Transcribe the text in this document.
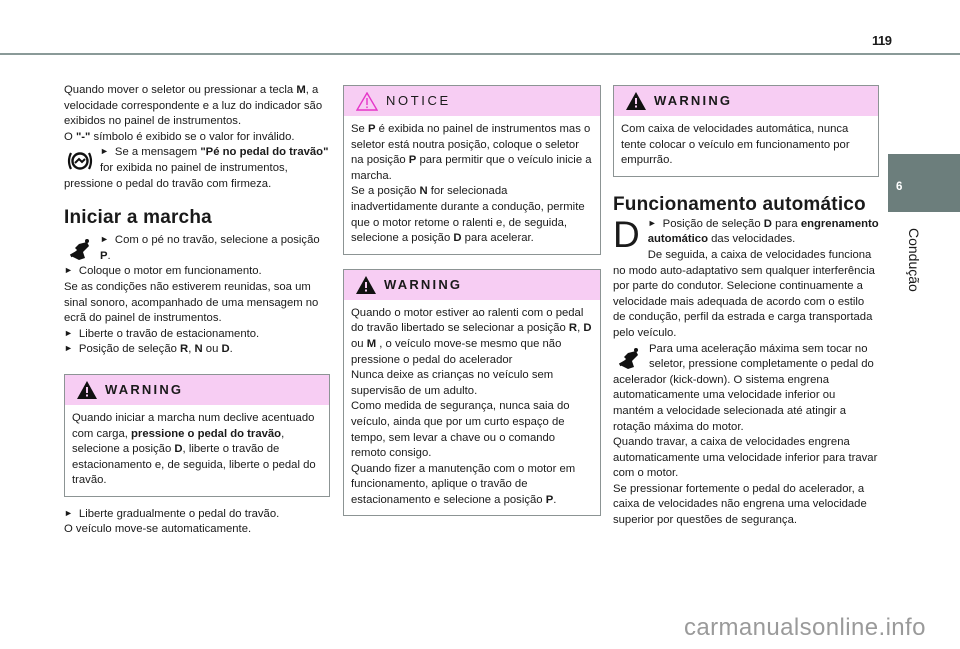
119

Quando mover o seletor ou pressionar a tecla M, a velocidade correspondente e a luz do indicador são exibidos no painel de instrumentos.

O "-" símbolo é exibido se o valor for inválido.

► Se a mensagem "Pé no pedal do travão" for exibida no painel de instrumentos, pressione o pedal do travão com firmeza.

Iniciar a marcha

► Com o pé no travão, selecione a posição P.

► Coloque o motor em funcionamento.

Se as condições não estiverem reunidas, soa um sinal sonoro, acompanhado de uma mensagem no ecrã do painel de instrumentos.

► Liberte o travão de estacionamento.

► Posição de seleção R, N ou D.

WARNING

Quando iniciar a marcha num declive acentuado com carga, pressione o pedal do travão, selecione a posição D, liberte o travão de estacionamento e, de seguida, liberte o pedal do travão.

► Liberte gradualmente o pedal do travão.

O veículo move-se automaticamente.

NOTICE

Se P é exibida no painel de instrumentos mas o seletor está noutra posição, coloque o seletor na posição P para permitir que o veículo inicie a marcha.

Se a posição N for selecionada inadvertidamente durante a condução, permite que o motor retome o ralenti e, de seguida, selecione a posição D para acelerar.

WARNING

Quando o motor estiver ao ralenti com o pedal do travão libertado se selecionar a posição R, D ou M , o veículo move-se mesmo que não pressione o pedal do acelerador

Nunca deixe as crianças no veículo sem supervisão de um adulto.

Como medida de segurança, nunca saia do veículo, ainda que por um curto espaço de tempo, sem levar a chave ou o comando remoto consigo.

Quando fizer a manutenção com o motor em funcionamento, aplique o travão de estacionamento e selecione a posição P.

WARNING

Com caixa de velocidades automática, nunca tente colocar o veículo em funcionamento por empurrão.

Funcionamento automático

D ► Posição de seleção D para engrenamento automático das velocidades.

De seguida, a caixa de velocidades funciona no modo auto-adaptativo sem qualquer interferência por parte do condutor. Selecione continuamente a velocidade mais adequada de acordo com o estilo de condução, perfil da estrada e carga transportada pelo veículo.

Para uma aceleração máxima sem tocar no seletor, pressione completamente o pedal do acelerador (kick-down). O sistema engrena automaticamente uma velocidade inferior ou mantém a velocidade selecionada até atingir a rotação máxima do motor.

Quando travar, a caixa de velocidades engrena automaticamente uma velocidade inferior para travar com o motor.

Se pressionar fortemente o pedal do acelerador, a caixa de velocidades não engrena uma velocidade superior por questões de segurança.

6
Condução
carmanualsonline.info
